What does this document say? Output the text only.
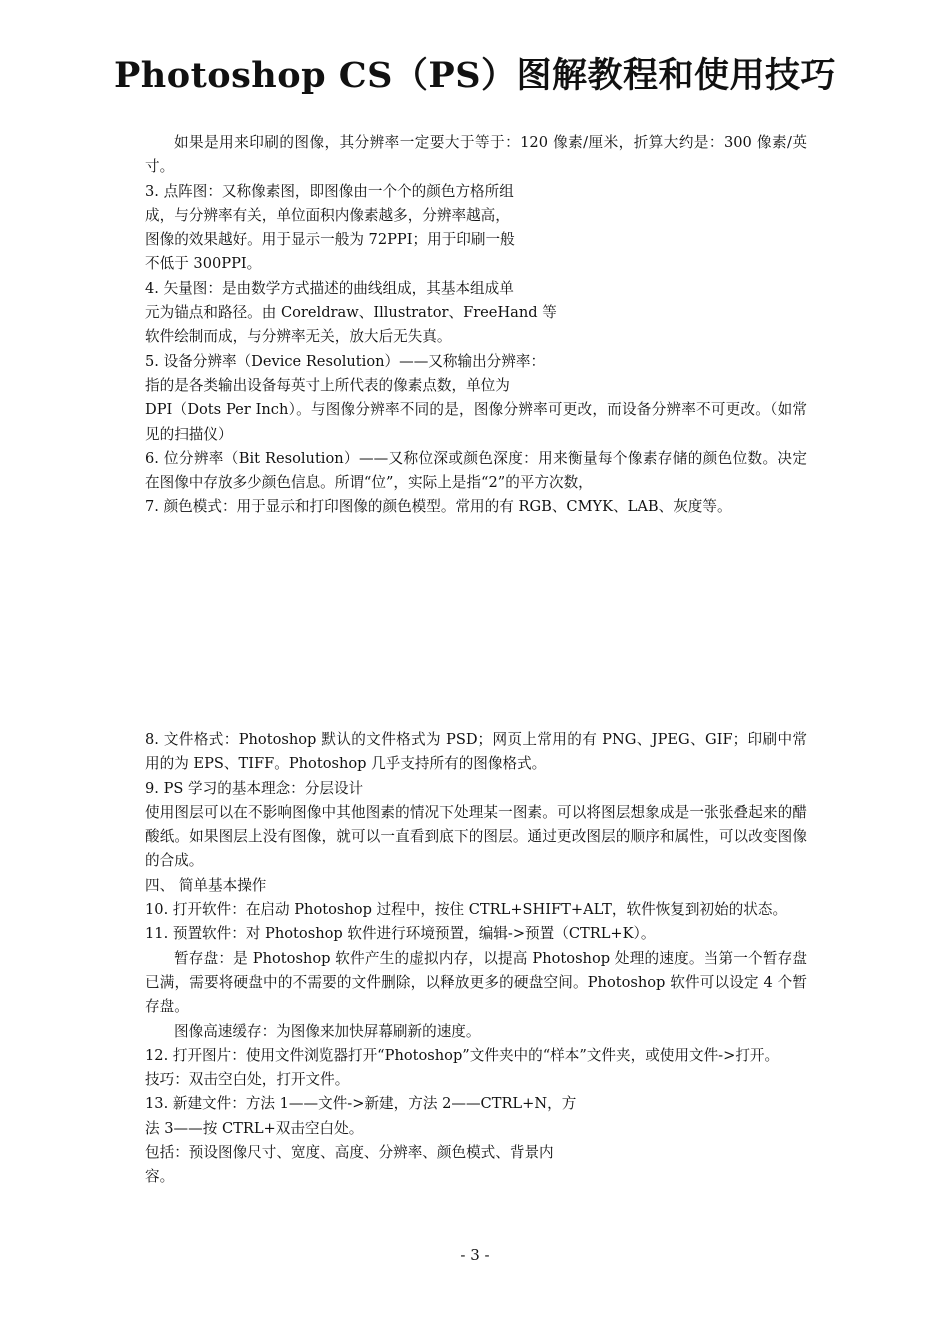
Photoshop CS（PS）图解教程和使用技巧

如果是用来印刷的图像，其分辨率一定要大于等于：120 像素/厘米，折算大约是：300 像素/英寸。

3. 点阵图：又称像素图，即图像由一个个的颜色方格所组

成，与分辨率有关，单位面积内像素越多，分辨率越高，

图像的效果越好。用于显示一般为 72PPI；用于印刷一般

不低于 300PPI。

4. 矢量图：是由数学方式描述的曲线组成，其基本组成单

元为锚点和路径。由 Coreldraw、Illustrator、FreeHand 等

软件绘制而成，与分辨率无关，放大后无失真。

5. 设备分辨率（Device Resolution）——又称输出分辨率：

指的是各类输出设备每英寸上所代表的像素点数，单位为

DPI（Dots Per Inch）。与图像分辨率不同的是，图像分辨率可更改，而设备分辨率不可更改。（如常见的扫描仪）

6. 位分辨率（Bit Resolution）——又称位深或颜色深度：用来衡量每个像素存储的颜色位数。决定在图像中存放多少颜色信息。所谓“位”，实际上是指“2”的平方次数，

7. 颜色模式：用于显示和打印图像的颜色模型。常用的有 RGB、CMYK、LAB、灰度等。

8. 文件格式：Photoshop 默认的文件格式为 PSD；网页上常用的有 PNG、JPEG、GIF；印刷中常用的为 EPS、TIFF。Photoshop 几乎支持所有的图像格式。

9. PS 学习的基本理念：分层设计

使用图层可以在不影响图像中其他图素的情况下处理某一图素。可以将图层想象成是一张张叠起来的醋酸纸。如果图层上没有图像，就可以一直看到底下的图层。通过更改图层的顺序和属性，可以改变图像的合成。

四、 简单基本操作

10. 打开软件：在启动 Photoshop 过程中，按住 CTRL+SHIFT+ALT，软件恢复到初始的状态。

11. 预置软件：对 Photoshop 软件进行环境预置，编辑->预置（CTRL+K）。

暂存盘：是 Photoshop 软件产生的虚拟内存，以提高 Photoshop 处理的速度。当第一个暂存盘已满，需要将硬盘中的不需要的文件删除，以释放更多的硬盘空间。Photoshop 软件可以设定 4 个暂存盘。

图像高速缓存：为图像来加快屏幕刷新的速度。

12. 打开图片：使用文件浏览器打开“Photoshop”文件夹中的“样本”文件夹，或使用文件->打开。

技巧：双击空白处，打开文件。

13. 新建文件：方法 1——文件->新建，方法 2——CTRL+N，方

法 3——按 CTRL+双击空白处。

包括：预设图像尺寸、宽度、高度、分辨率、颜色模式、背景内

容。

- 3 -
